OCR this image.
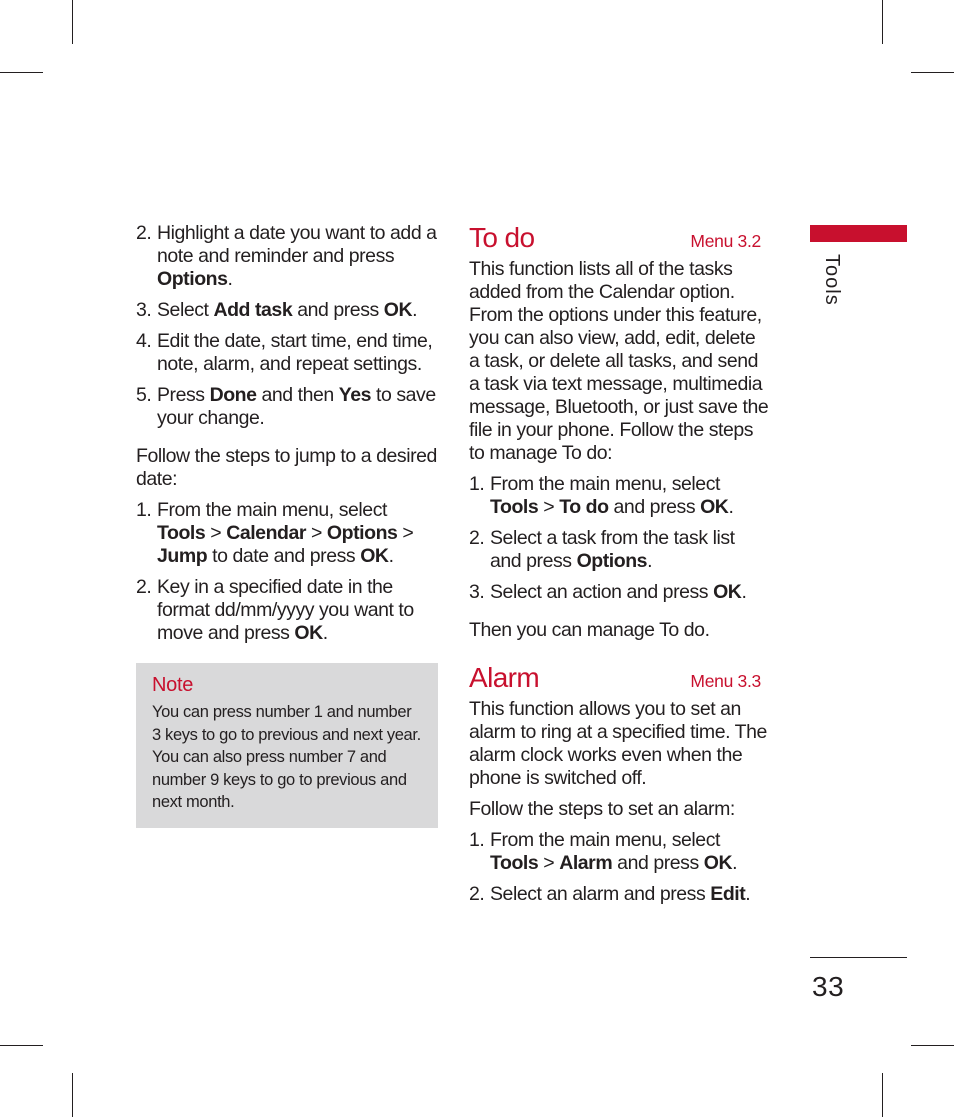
2. Highlight a date you want to add a note and reminder and press Options.
3. Select Add task and press OK.
4. Edit the date, start time, end time, note, alarm, and repeat settings.
5. Press Done and then Yes to save your change.

Follow the steps to jump to a desired date:

1. From the main menu, select Tools > Calendar > Options > Jump to date and press OK.
2. Key in a specified date in the format dd/mm/yyyy you want to move and press OK.
Note
You can press number 1 and number 3 keys to go to previous and next year. You can also press number 7 and number 9 keys to go to previous and next month.
To do	Menu 3.2

This function lists all of the tasks added from the Calendar option. From the options under this feature, you can also view, add, edit, delete a task, or delete all tasks, and send a task via text message, multimedia message, Bluetooth, or just save the file in your phone. Follow the steps to manage To do:

1. From the main menu, select Tools > To do and press OK.
2. Select a task from the task list and press Options.
3. Select an action and press OK.

Then you can manage To do.

Alarm	Menu 3.3

This function allows you to set an alarm to ring at a specified time. The alarm clock works even when the phone is switched off.

Follow the steps to set an alarm:

1. From the main menu, select Tools > Alarm and press OK.
2. Select an alarm and press Edit.
Tools
33
